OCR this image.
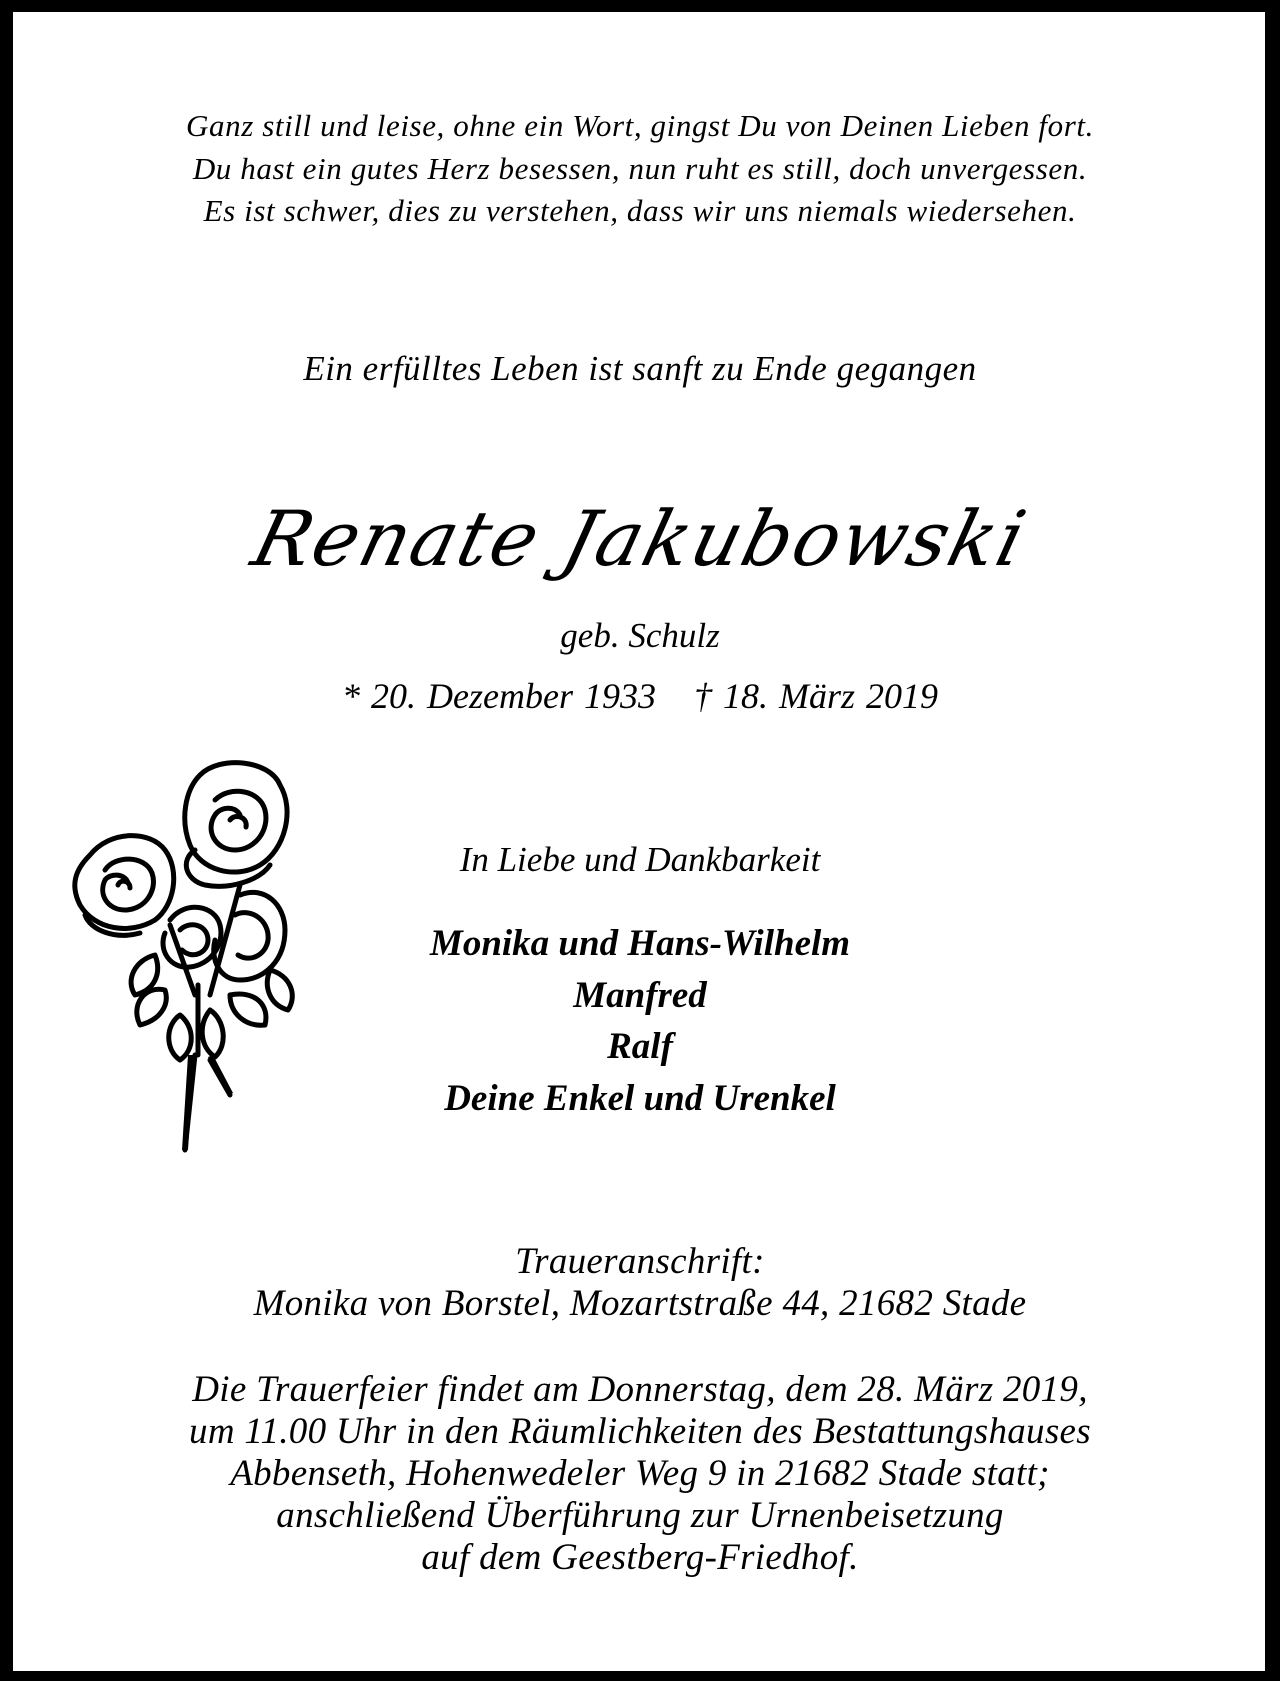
Ganz still und leise, ohne ein Wort, gingst Du von Deinen Lieben fort.
Du hast ein gutes Herz besessen, nun ruht es still, doch unvergessen.
Es ist schwer, dies zu verstehen, dass wir uns niemals wiedersehen.
Ein erfülltes Leben ist sanft zu Ende gegangen
Renate Jakubowski
geb. Schulz
* 20. Dezember 1933 † 18. März 2019
In Liebe und Dankbarkeit
Monika und Hans-Wilhelm
Manfred
Ralf
Deine Enkel und Urenkel
Traueranschrift:
Monika von Borstel, Mozartstraße 44, 21682 Stade
Die Trauerfeier findet am Donnerstag, dem 28. März 2019,
um 11.00 Uhr in den Räumlichkeiten des Bestattungshauses
Abbenseth, Hohenwedeler Weg 9 in 21682 Stade statt;
anschließend Überführung zur Urnenbeisetzung
auf dem Geestberg-Friedhof.
